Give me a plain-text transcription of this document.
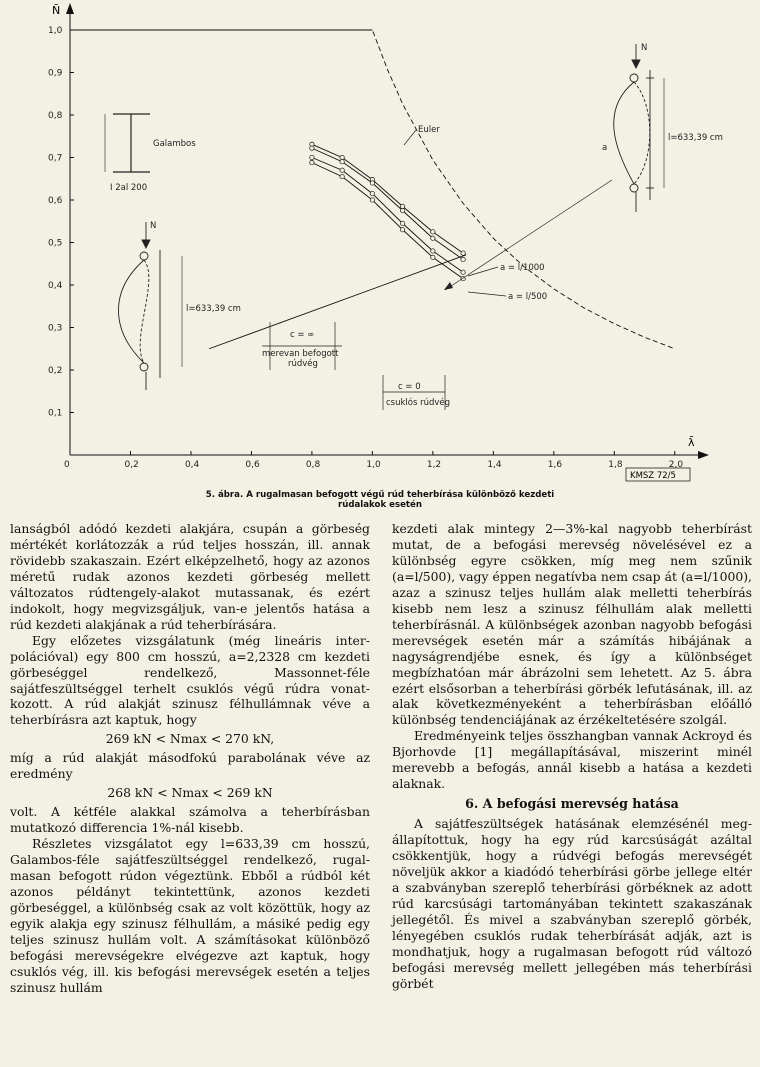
N̄
λ̄
0	0,2	0,4	0,6	0,8	1,0	1,2	1,4	1,6	1,8	2,0
0,1
0,2
0,3
0,4
0,5
0,6
0,7
0,8
0,9
1,0
KMSZ 72/5
Euler
Galambos
I 2al 200
l=633,39 cm
N
a
l=633,39 cm
N
a = l/1000
a = l/500
c = ∞
merevan befogott
rúdvég
c = 0
csuklós rúdvég
5. ábra. A rugalmasan befogott végű rúd teherbírása különböző kezdeti
rúdalakok esetén

lanságból adódó kezdeti alakjára, csupán a görbeség mértékét korlátozzák a rúd teljes hosszán, ill. annak rövidebb szakaszain. Ezért elképzelhető, hogy az azonos méretű rudak azonos kezdeti görbeség mellett változatos rúdtengely-alakot mutassanak, és ezért indokolt, hogy megvizsgáljuk, van-e jelentős hatása a rúd kezdeti alakjának a rúd teherbírására.

Egy előzetes vizsgálatunk (még lineáris interpolációval) egy 800 cm hosszú, a=2,2328 cm kezdeti görbeséggel rendelkező, Massonnet-féle sajátfeszültséggel terhelt csuklós végű rúdra vonatkozott. A rúd alakját szinusz félhullámnak véve a teherbírásra azt kaptuk, hogy

269 kN < Nmax < 270 kN,

míg a rúd alakját másodfokú parabolának véve az eredmény

268 kN < Nmax < 269 kN

volt. A kétféle alakkal számolva a teherbírásban mutatkozó differencia 1%-nál kisebb.

Részletes vizsgálatot egy l=633,39 cm hosszú, Galambos-féle sajátfeszültséggel rendelkező, rugalmasan befogott rúdon végeztünk. Ebből a rúdból két azonos példányt tekintettünk, azonos kezdeti görbeséggel, a különbség csak az volt közöttük, hogy az egyik alakja egy szinusz félhullám, a másiké pedig egy teljes szinusz hullám volt. A számításokat különböző befogási merevségekre elvégezve azt kaptuk, hogy csuklós vég, ill. kis befogási merevségek esetén a teljes szinusz hullám

kezdeti alak mintegy 2—3%-kal nagyobb teherbírást mutat, de a befogási merevség növelésével ez a különbség egyre csökken, míg meg nem szűnik (a=l/500), vagy éppen negatívba nem csap át (a=l/1000), azaz a szinusz teljes hullám alak melletti teherbírás kisebb nem lesz a szinusz félhullám alak melletti teherbírásnál. A különbségek azonban nagyobb befogási merevségek esetén már a számítás hibájának a nagyságrendjébe esnek, és így a különbséget megbízhatóan már ábrázolni sem lehetett. Az 5. ábra ezért elsősorban a teherbírási görbék lefutásának, ill. az alak következményeként a teherbírásban előálló különbség tendenciájának az érzékeltetésére szolgál.

Eredményeink teljes összhangban vannak Ackroyd és Bjorhovde [1] megállapításával, miszerint minél merevebb a befogás, annál kisebb a hatása a kezdeti alaknak.

6. A befogási merevség hatása

A sajátfeszültségek hatásának elemzésénél megállapítottuk, hogy ha egy rúd karcsúságát azáltal csökkentjük, hogy a rúdvégi befogás merevségét növeljük akkor a kiadódó teherbírási görbe jellege eltér a szabványban szereplő teherbírási görbéknek az adott rúd karcsúsági tartományában tekintett szakaszának jellegétől. És mivel a szabványban szereplő görbék, lényegében csuklós rudak teherbírását adják, azt is mondhatjuk, hogy a rugalmasan befogott rúd változó befogási merevség mellett jellegében más teherbírási görbét
